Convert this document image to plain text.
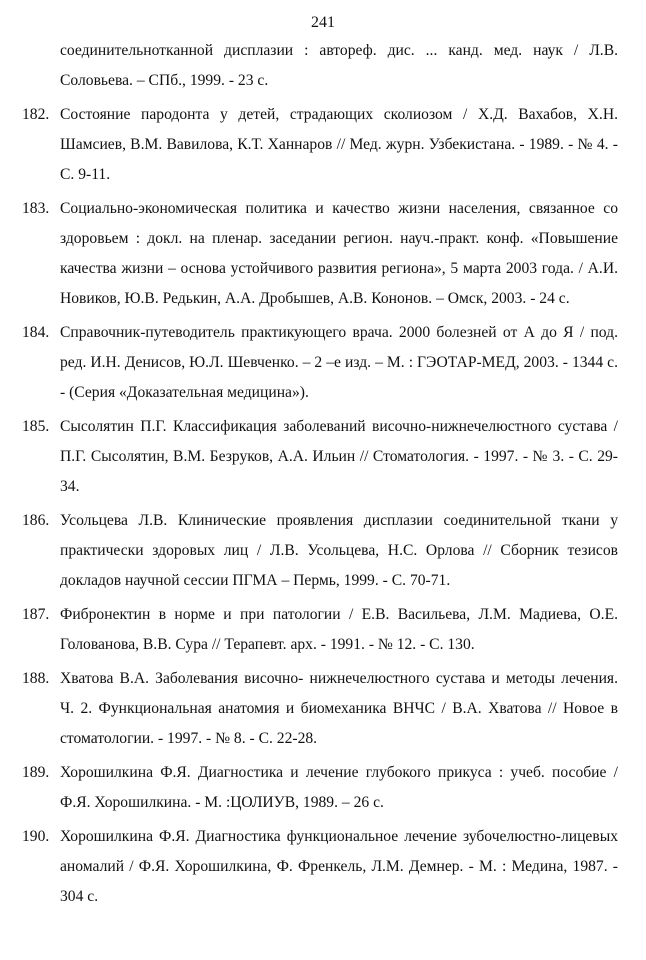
241
соединительнотканной дисплазии : автореф. дис. ... канд. мед. наук / Л.В. Соловьева. – СПб., 1999. - 23 с.
182. Состояние пародонта у детей, страдающих сколиозом / Х.Д. Вахабов, Х.Н. Шамсиев, В.М. Вавилова, К.Т. Ханнаров // Мед. журн. Узбекистана. - 1989. - № 4. - С. 9-11.
183. Социально-экономическая политика и качество жизни населения, связанное со здоровьем : докл. на пленар. заседании регион. науч.-практ. конф. «Повышение качества жизни – основа устойчивого развития региона», 5 марта 2003 года. / А.И. Новиков, Ю.В. Редькин, А.А. Дробышев, А.В. Кононов. – Омск, 2003. - 24 с.
184. Справочник-путеводитель практикующего врача. 2000 болезней от А до Я / под. ред. И.Н. Денисов, Ю.Л. Шевченко. – 2 –е изд. – М. : ГЭОТАР-МЕД, 2003. - 1344 с. - (Серия «Доказательная медицина»).
185. Сысолятин П.Г. Классификация заболеваний височно-нижнечелюстного сустава / П.Г. Сысолятин, В.М. Безруков, А.А. Ильин // Стоматология. - 1997. - № 3. - С. 29-34.
186. Усольцева Л.В. Клинические проявления дисплазии соединительной ткани у практически здоровых лиц / Л.В. Усольцева, Н.С. Орлова // Сборник тезисов докладов научной сессии ПГМА – Пермь, 1999. - С. 70-71.
187. Фибронектин в норме и при патологии / Е.В. Васильева, Л.М. Мадиева, О.Е. Голованова, В.В. Сура // Терапевт. арх. - 1991. - № 12. - С. 130.
188. Хватова В.А. Заболевания височно- нижнечелюстного сустава и методы лечения. Ч. 2. Функциональная анатомия и биомеханика ВНЧС / В.А. Хватова // Новое в стоматологии. - 1997. - № 8. - С. 22-28.
189. Хорошилкина Ф.Я. Диагностика и лечение глубокого прикуса : учеб. пособие / Ф.Я. Хорошилкина. - М. :ЦОЛИУВ, 1989. – 26 с.
190. Хорошилкина Ф.Я. Диагностика функциональное лечение зубочелюстно-лицевых аномалий / Ф.Я. Хорошилкина, Ф. Френкель, Л.М. Демнер. - М. : Медина, 1987. - 304 с.
